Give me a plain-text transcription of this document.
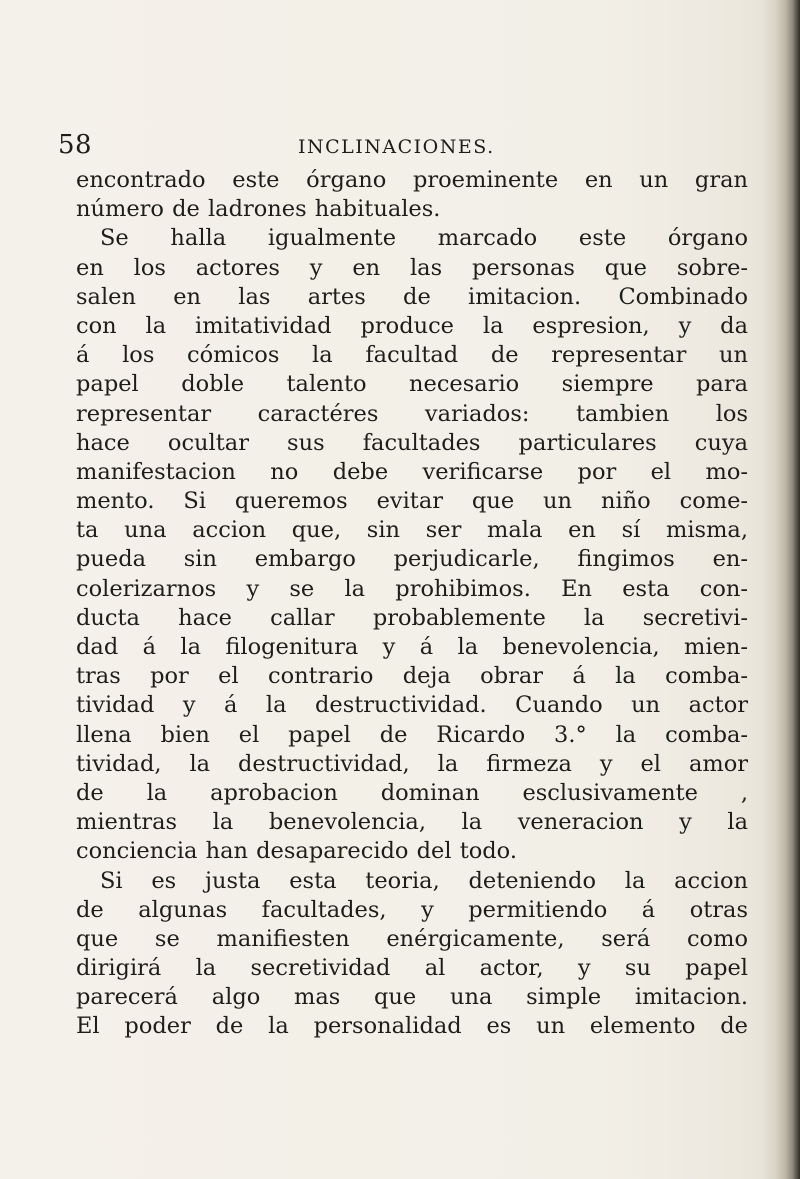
58	INCLINACIONES.
encontrado este órgano proeminente en un gran
número de ladrones habituales.
Se halla igualmente marcado este órgano
en los actores y en las personas que sobre-
salen en las artes de imitacion. Combinado
con la imitatividad produce la espresion, y da
á los cómicos la facultad de representar un
papel doble talento necesario siempre para
representar caractéres variados: tambien los
hace ocultar sus facultades particulares cuya
manifestacion no debe verificarse por el mo-
mento. Si queremos evitar que un niño come-
ta una accion que, sin ser mala en sí misma,
pueda sin embargo perjudicarle, fingimos en-
colerizarnos y se la prohibimos. En esta con-
ducta hace callar probablemente la secretivi-
dad á la filogenitura y á la benevolencia, mien-
tras por el contrario deja obrar á la comba-
tividad y á la destructividad. Cuando un actor
llena bien el papel de Ricardo 3.° la comba-
tividad, la destructividad, la firmeza y el amor
de la aprobacion dominan esclusivamente ,
mientras la benevolencia, la veneracion y la
conciencia han desaparecido del todo.
Si es justa esta teoria, deteniendo la accion
de algunas facultades, y permitiendo á otras
que se manifiesten enérgicamente, será como
dirigirá la secretividad al actor, y su papel
parecerá algo mas que una simple imitacion.
El poder de la personalidad es un elemento de
